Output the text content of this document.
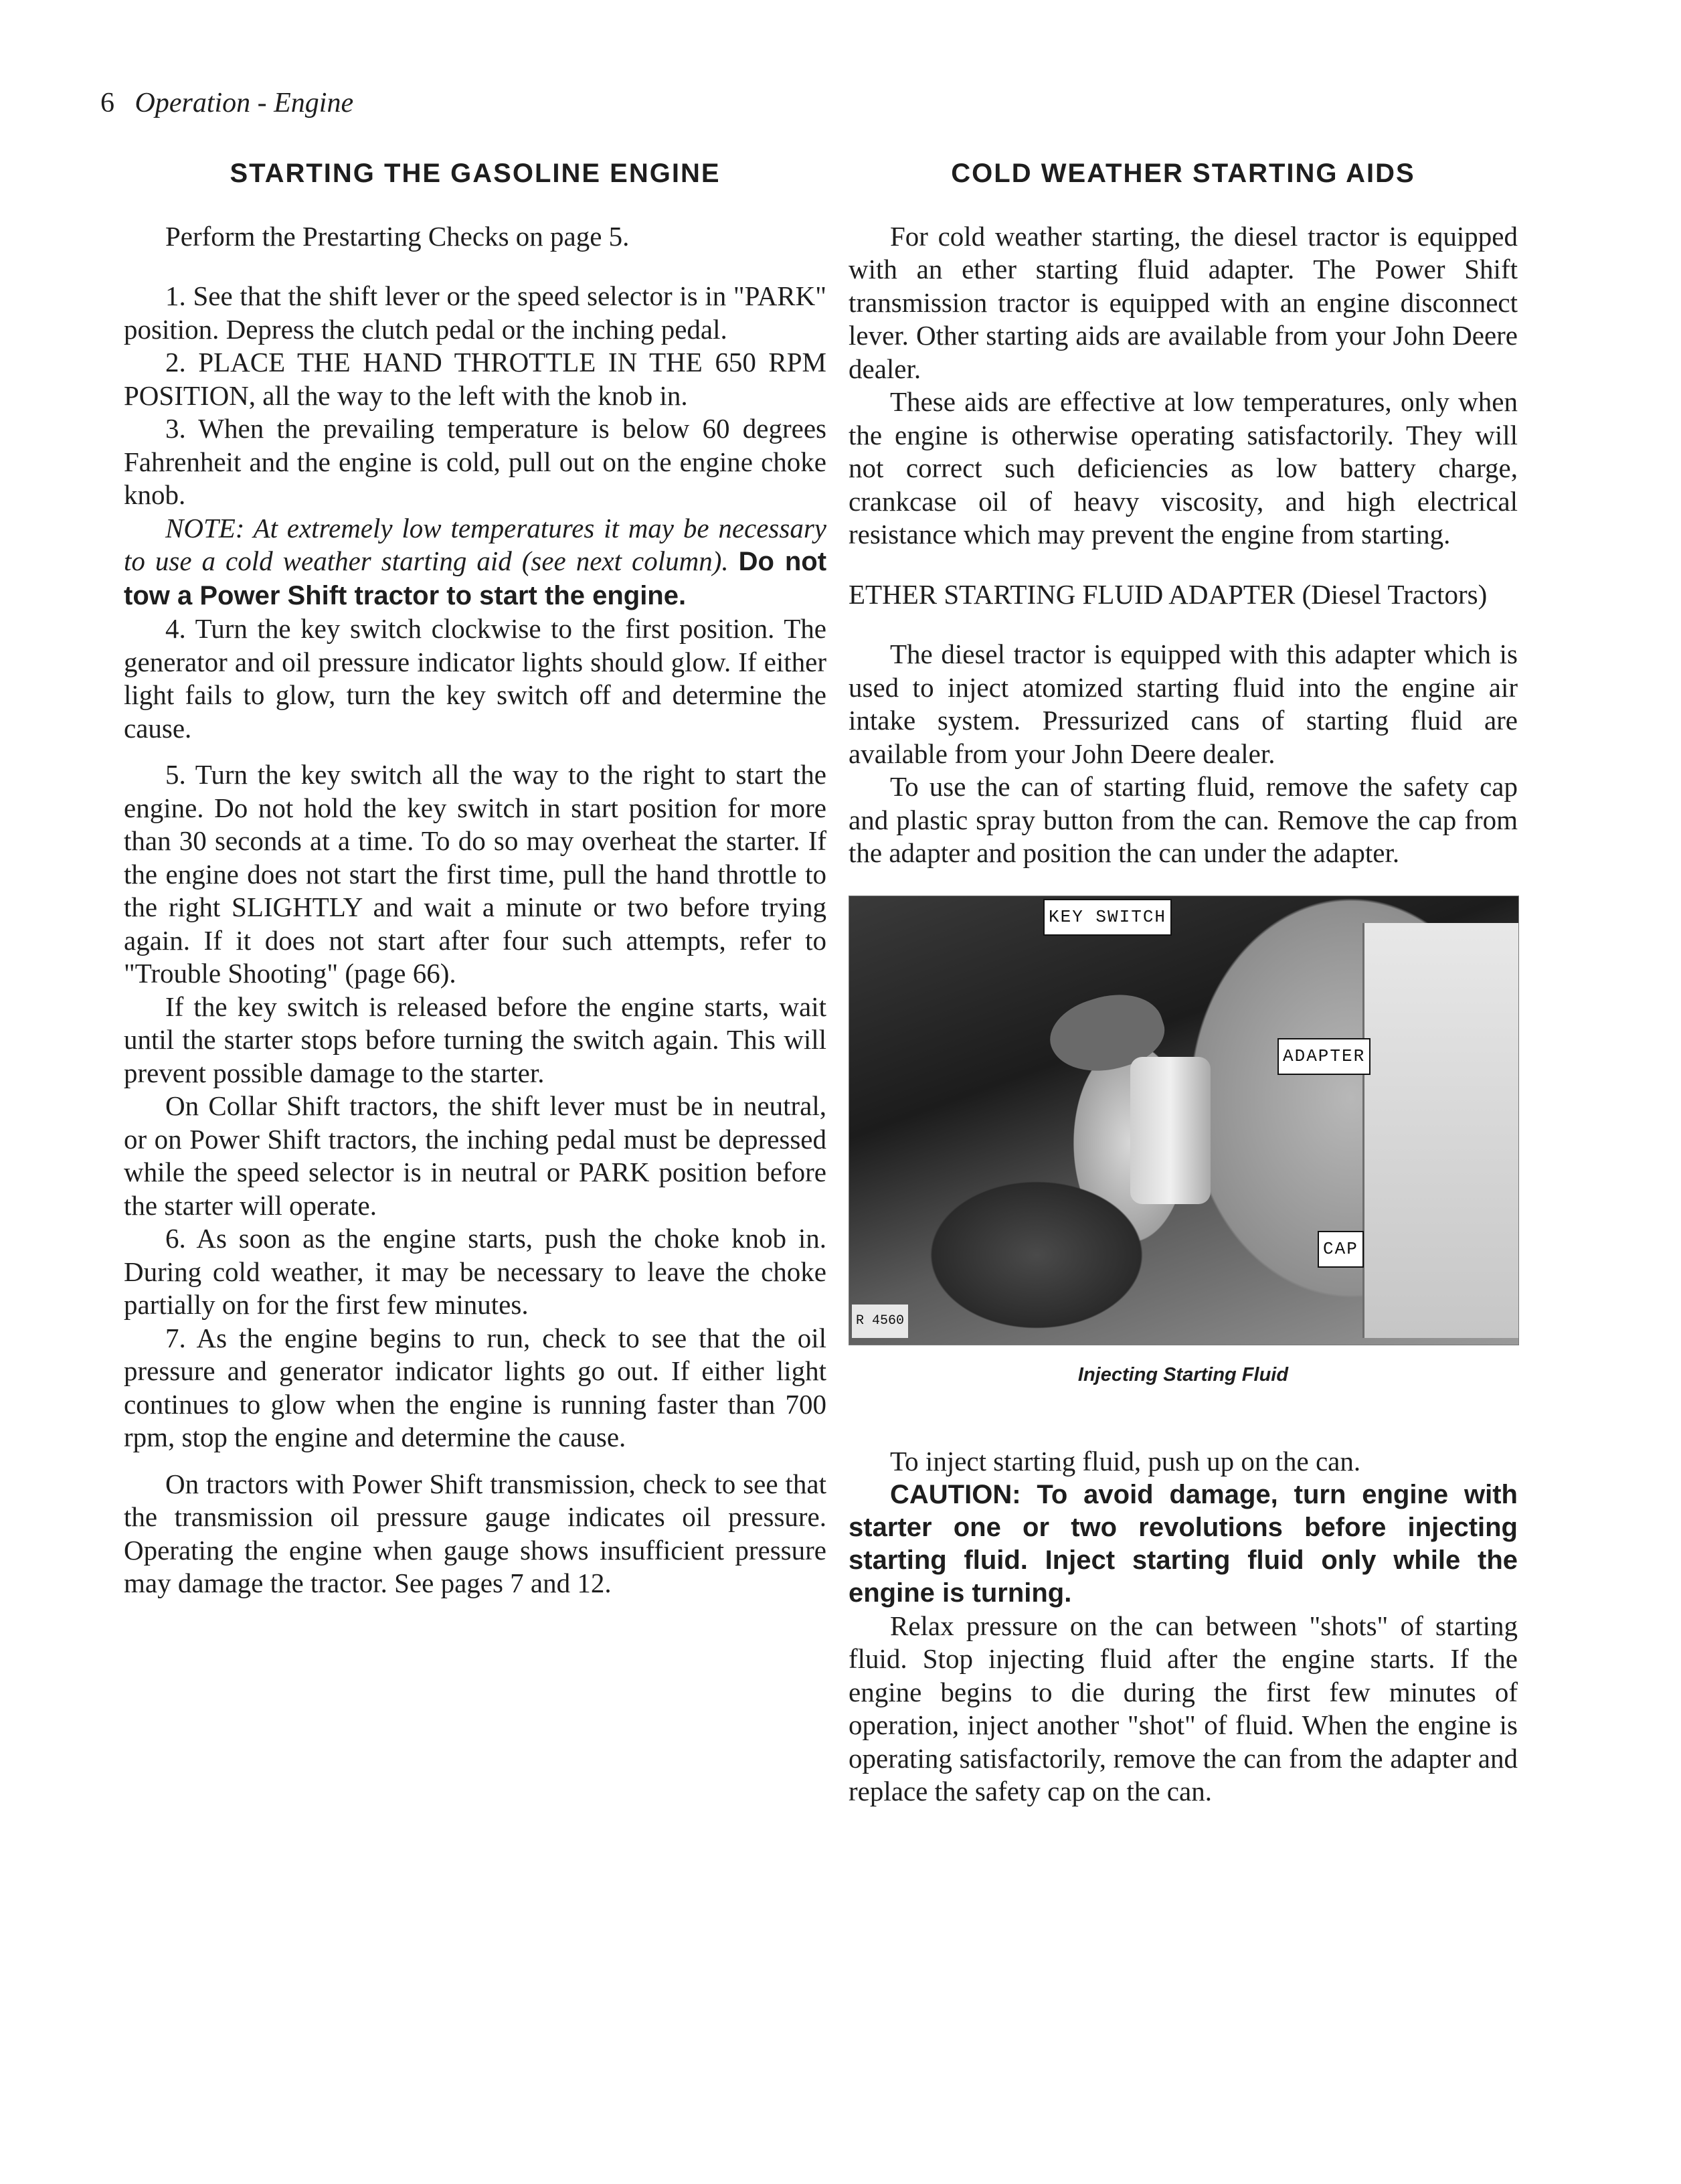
6 Operation - Engine
STARTING THE GASOLINE ENGINE

Perform the Prestarting Checks on page 5.

1. See that the shift lever or the speed selector is in "PARK" position. Depress the clutch pedal or the inching pedal.

2. PLACE THE HAND THROTTLE IN THE 650 RPM POSITION, all the way to the left with the knob in.

3. When the prevailing temperature is below 60 degrees Fahrenheit and the engine is cold, pull out on the engine choke knob.

NOTE: At extremely low temperatures it may be necessary to use a cold weather starting aid (see next column). Do not tow a Power Shift tractor to start the engine.

4. Turn the key switch clockwise to the first position. The generator and oil pressure indicator lights should glow. If either light fails to glow, turn the key switch off and determine the cause.

5. Turn the key switch all the way to the right to start the engine. Do not hold the key switch in start position for more than 30 seconds at a time. To do so may overheat the starter. If the engine does not start the first time, pull the hand throttle to the right SLIGHTLY and wait a minute or two before trying again. If it does not start after four such attempts, refer to "Trouble Shooting" (page 66).

If the key switch is released before the engine starts, wait until the starter stops before turning the switch again. This will prevent possible damage to the starter.

On Collar Shift tractors, the shift lever must be in neutral, or on Power Shift tractors, the inching pedal must be depressed while the speed selector is in neutral or PARK position before the starter will operate.

6. As soon as the engine starts, push the choke knob in. During cold weather, it may be necessary to leave the choke partially on for the first few minutes.

7. As the engine begins to run, check to see that the oil pressure and generator indicator lights go out. If either light continues to glow when the engine is running faster than 700 rpm, stop the engine and determine the cause.

On tractors with Power Shift transmission, check to see that the transmission oil pressure gauge indicates oil pressure. Operating the engine when gauge shows insufficient pressure may damage the tractor. See pages 7 and 12.

COLD WEATHER STARTING AIDS

For cold weather starting, the diesel tractor is equipped with an ether starting fluid adapter. The Power Shift transmission tractor is equipped with an engine disconnect lever. Other starting aids are available from your John Deere dealer.

These aids are effective at low temperatures, only when the engine is otherwise operating satisfactorily. They will not correct such deficiencies as low battery charge, crankcase oil of heavy viscosity, and high electrical resistance which may prevent the engine from starting.

ETHER STARTING FLUID ADAPTER (Diesel Tractors)

The diesel tractor is equipped with this adapter which is used to inject atomized starting fluid into the engine air intake system. Pressurized cans of starting fluid are available from your John Deere dealer.

To use the can of starting fluid, remove the safety cap and plastic spray button from the can. Remove the cap from the adapter and position the can under the adapter.

KEY SWITCH
ADAPTER
CAP
R 4560
Injecting Starting Fluid

To inject starting fluid, push up on the can.

CAUTION: To avoid damage, turn engine with starter one or two revolutions before injecting starting fluid. Inject starting fluid only while the engine is turning.

Relax pressure on the can between "shots" of starting fluid. Stop injecting fluid after the engine starts. If the engine begins to die during the first few minutes of operation, inject another "shot" of fluid. When the engine is operating satisfactorily, remove the can from the adapter and replace the safety cap on the can.
